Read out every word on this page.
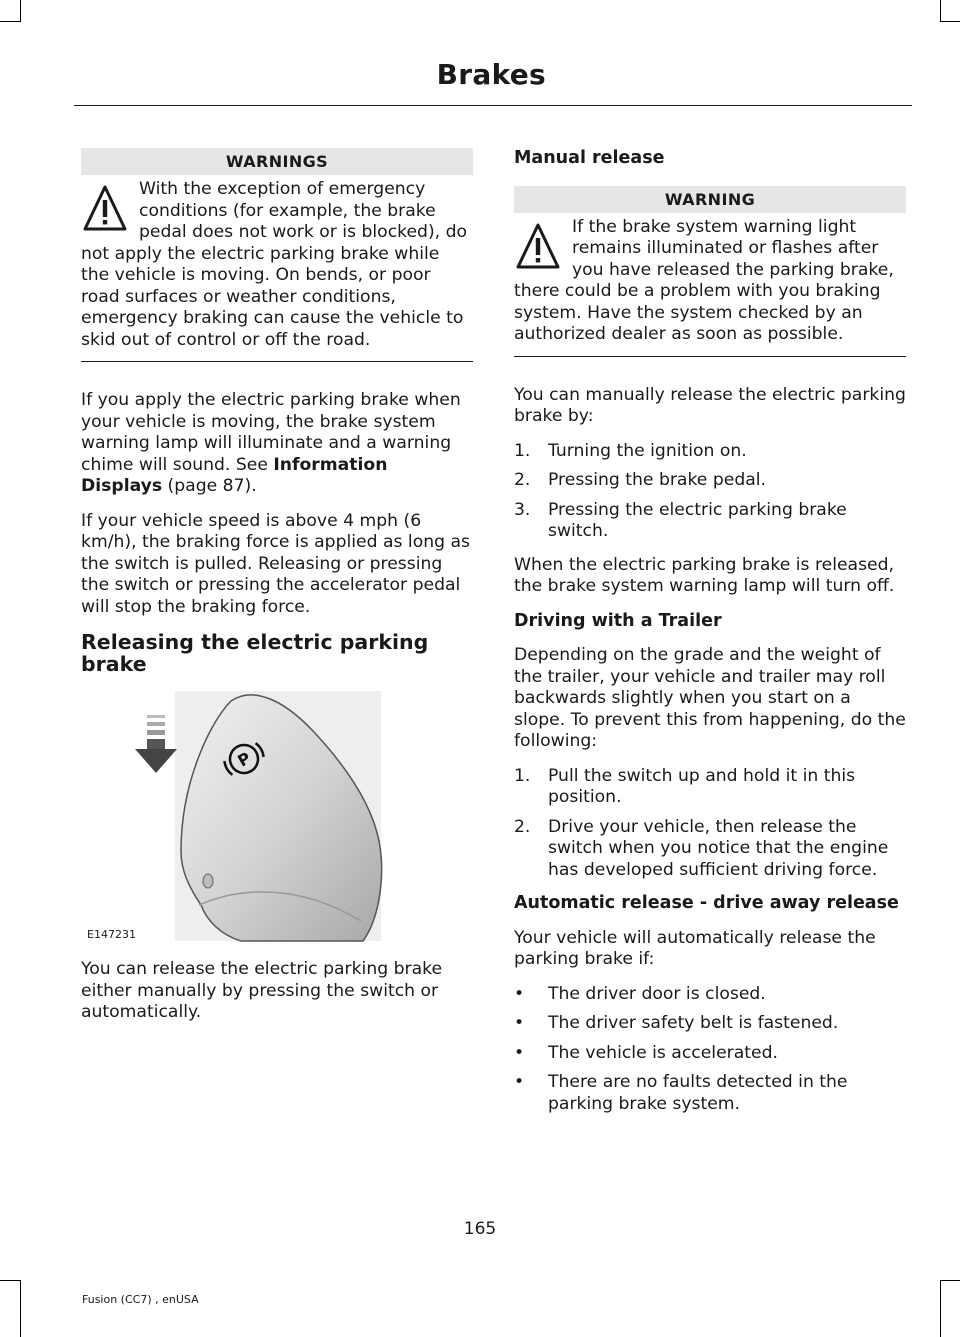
Brakes
WARNINGS
With the exception of emergency conditions (for example, the brake pedal does not work or is blocked), do not apply the electric parking brake while the vehicle is moving. On bends, or poor road surfaces or weather conditions, emergency braking can cause the vehicle to skid out of control or off the road.

If you apply the electric parking brake when your vehicle is moving, the brake system warning lamp will illuminate and a warning chime will sound. See Information Displays (page 87).

If your vehicle speed is above 4 mph (6 km/h), the braking force is applied as long as the switch is pulled. Releasing or pressing the switch or pressing the accelerator pedal will stop the braking force.

Releasing the electric parking brake
P
E147231

You can release the electric parking brake either manually by pressing the switch or automatically.

Manual release
WARNING
If the brake system warning light remains illuminated or flashes after you have released the parking brake, there could be a problem with you braking system. Have the system checked by an authorized dealer as soon as possible.

You can manually release the electric parking brake by:

1. Turning the ignition on.
2. Pressing the brake pedal.
3. Pressing the electric parking brake switch.

When the electric parking brake is released, the brake system warning lamp will turn off.

Driving with a Trailer

Depending on the grade and the weight of the trailer, your vehicle and trailer may roll backwards slightly when you start on a slope. To prevent this from happening, do the following:

1. Pull the switch up and hold it in this position.
2. Drive your vehicle, then release the switch when you notice that the engine has developed sufficient driving force.
Automatic release - drive away release

Your vehicle will automatically release the parking brake if:

• The driver door is closed.
• The driver safety belt is fastened.
• The vehicle is accelerated.
• There are no faults detected in the parking brake system.
165
Fusion (CC7) , enUSA
